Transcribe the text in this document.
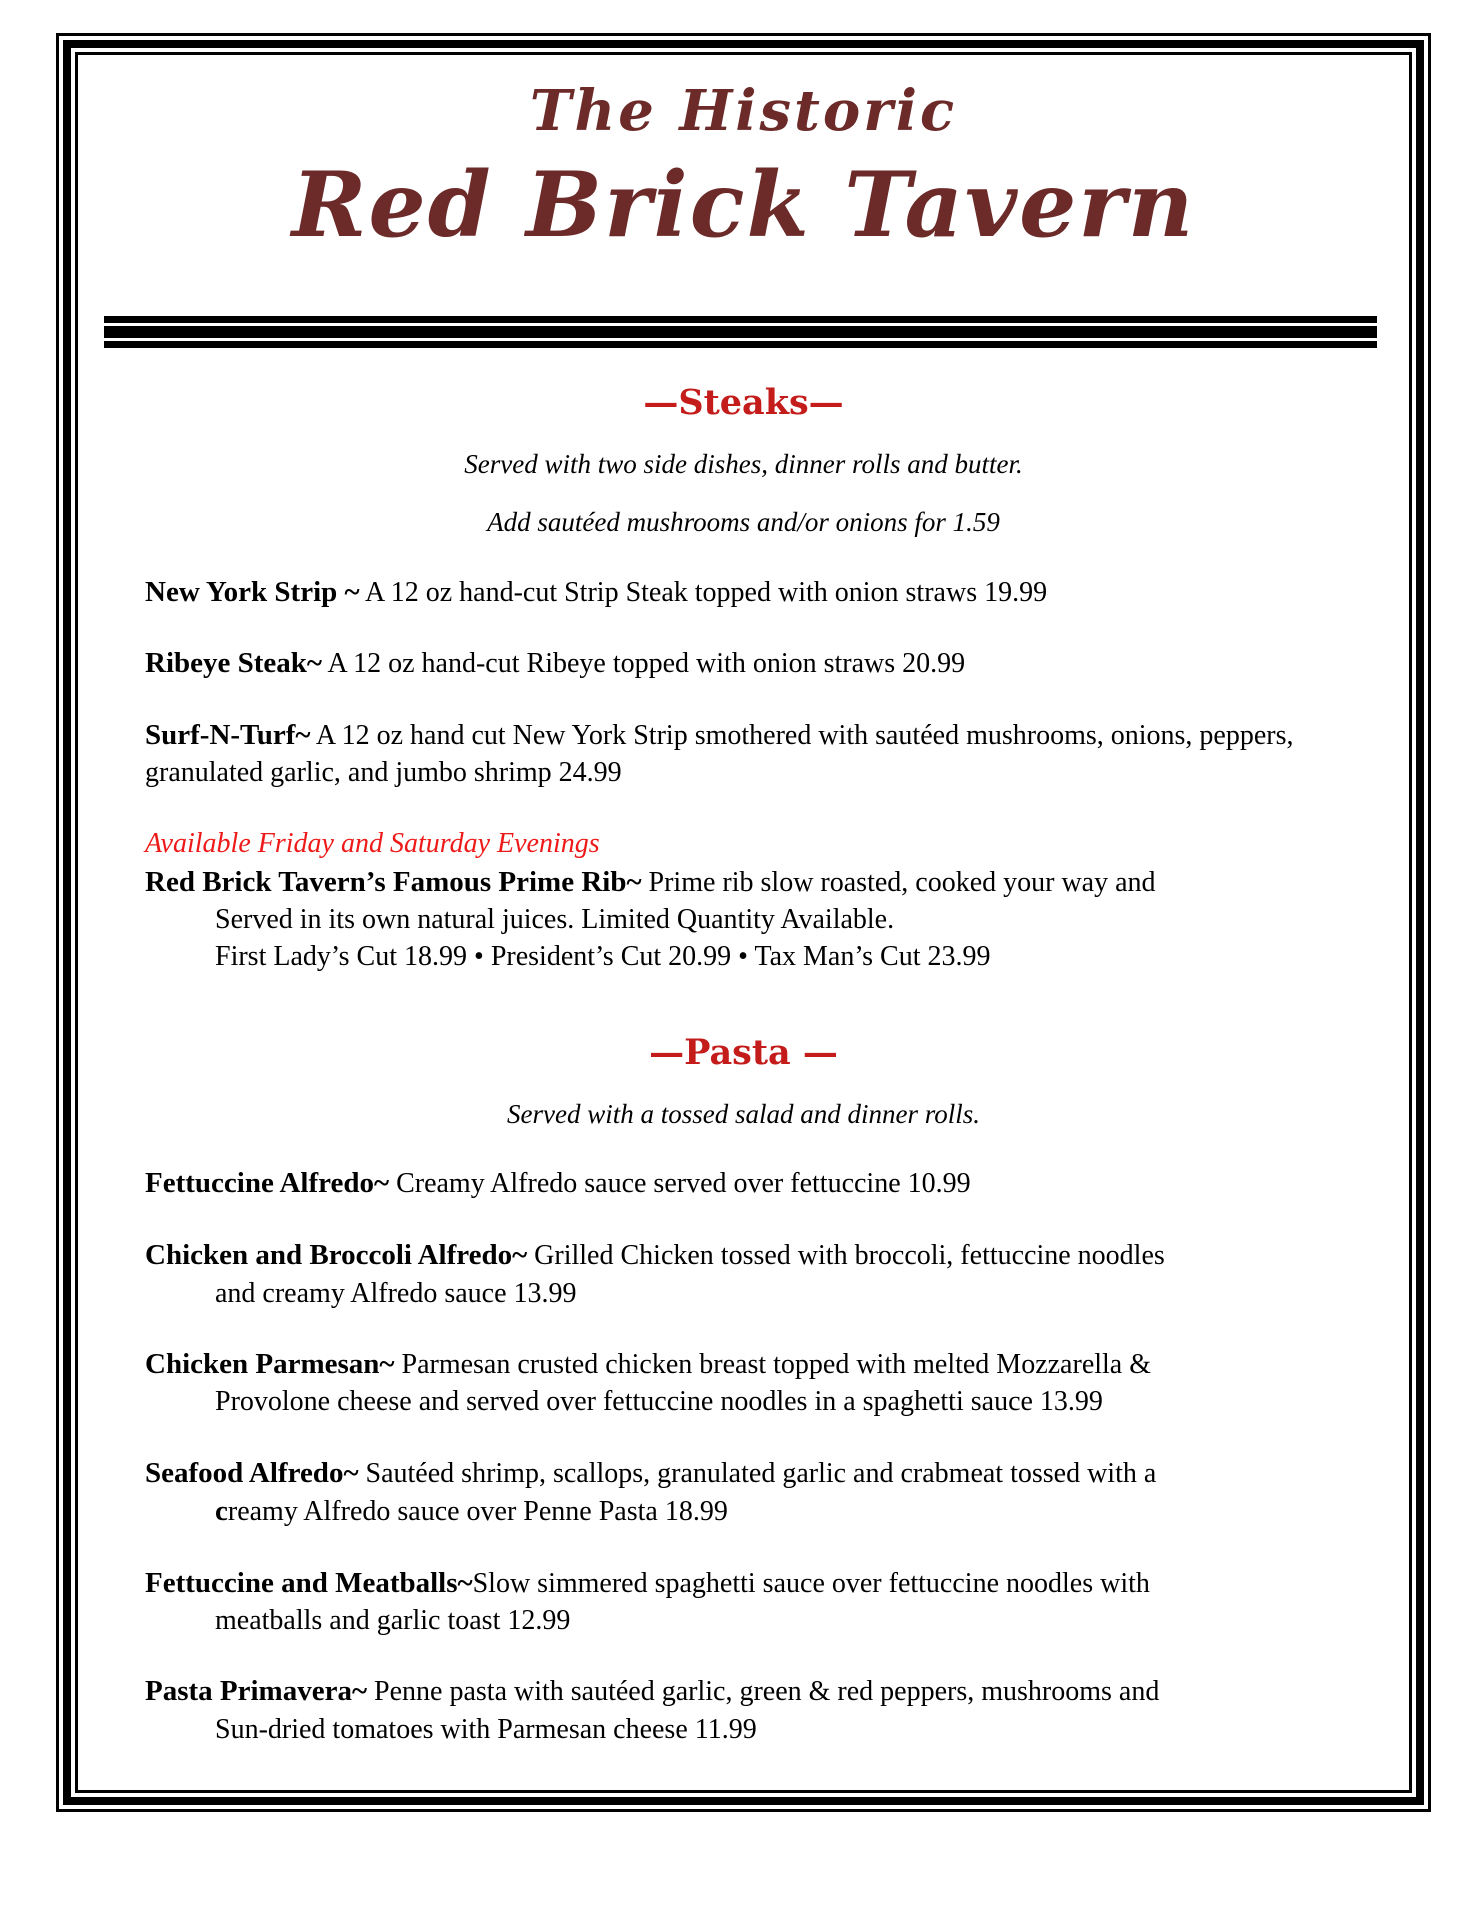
The Historic
Red Brick Tavern
—Steaks—

Served with two side dishes, dinner rolls and butter.

Add sautéed mushrooms and/or onions for 1.59

New York Strip ~ A 12 oz hand-cut Strip Steak topped with onion straws 19.99

Ribeye Steak~ A 12 oz hand-cut Ribeye topped with onion straws 20.99

Surf-N-Turf~ A 12 oz hand cut New York Strip smothered with sautéed mushrooms, onions, peppers, granulated garlic, and jumbo shrimp 24.99

Available Friday and Saturday Evenings

Red Brick Tavern’s Famous Prime Rib~ Prime rib slow roasted, cooked your way and

Served in its own natural juices. Limited Quantity Available.

First Lady’s Cut 18.99 • President’s Cut 20.99 • Tax Man’s Cut 23.99

—Pasta —

Served with a tossed salad and dinner rolls.

Fettuccine Alfredo~ Creamy Alfredo sauce served over fettuccine 10.99

Chicken and Broccoli Alfredo~ Grilled Chicken tossed with broccoli, fettuccine noodles

and creamy Alfredo sauce 13.99

Chicken Parmesan~ Parmesan crusted chicken breast topped with melted Mozzarella &

Provolone cheese and served over fettuccine noodles in a spaghetti sauce 13.99

Seafood Alfredo~ Sautéed shrimp, scallops, granulated garlic and crabmeat tossed with a

creamy Alfredo sauce over Penne Pasta 18.99

Fettuccine and Meatballs~Slow simmered spaghetti sauce over fettuccine noodles with

meatballs and garlic toast 12.99

Pasta Primavera~ Penne pasta with sautéed garlic, green & red peppers, mushrooms and

Sun-dried tomatoes with Parmesan cheese 11.99
